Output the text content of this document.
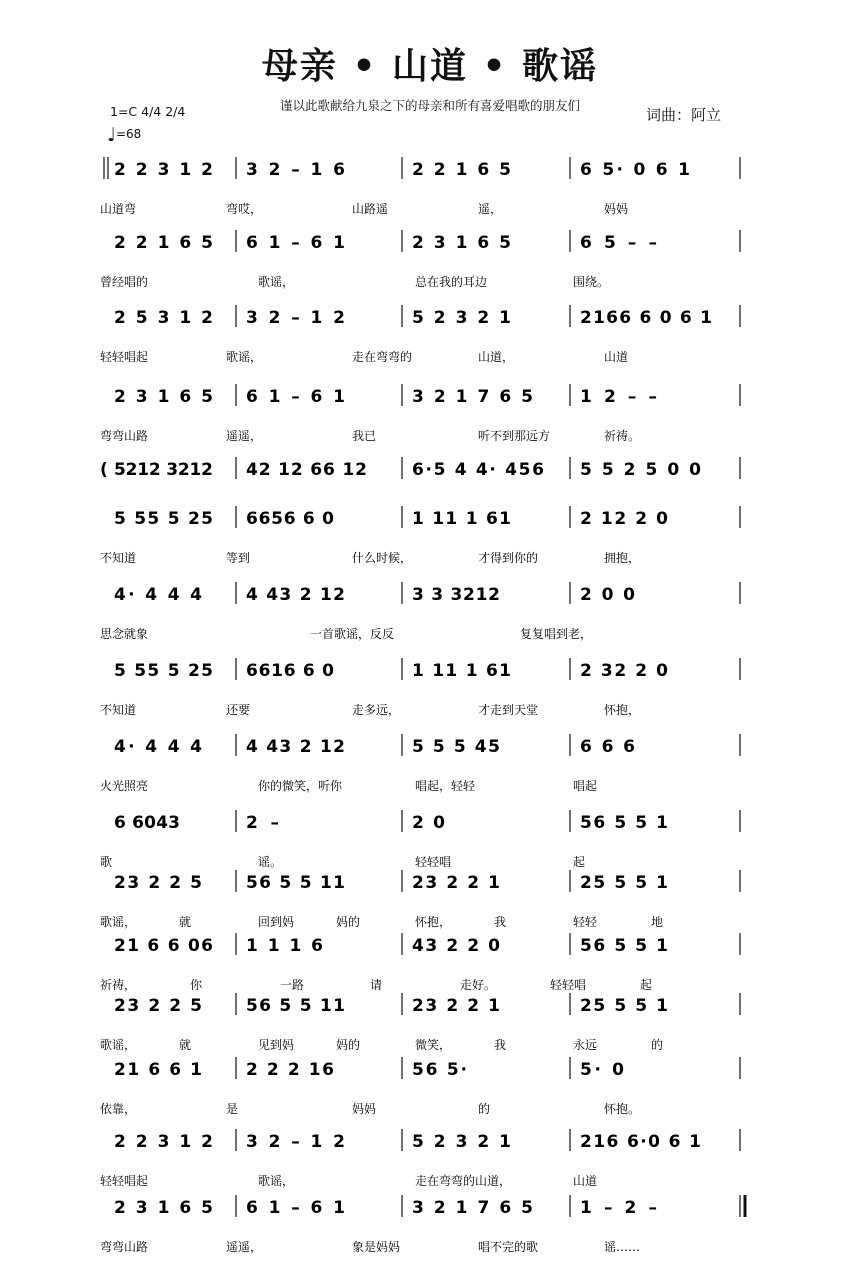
母亲 • 山道 • 歌谣
谨以此歌献给九泉之下的母亲和所有喜爱唱歌的朋友们
词曲：阿立
1=C 4/4 2/4
♩=68
2 2 3 1 2 3 2 – 1 6	2 2 1 6 5	6 5· 0 6 1
山道弯	弯哎，	山路遥	遥，	妈妈
2 2 1 6 5 6 1 – 6 1	2 3 1 6 5	6 5 – –
曾经唱的	歌谣，	总在我的耳边	围绕。
2 5 3 1 2 3 2 – 1 2	5 2 3 2 1	2166 6 0 6 1
轻轻唱起	歌谣，	走在弯弯的	山道，	山道
2 3 1 6 5 6 1 – 6 1	3 2 1 7 6 5	1 2 – –
弯弯山路	遥遥，	我已	听不到那远方	祈祷。
( 5212 3212 42 12 66 12	6·5 4 4· 456 5 5 2 5 0 0
5 55 5 25 6656 6 0	1 11 1 61	2 12 2 0
不知道	等到	什么时候，	才得到你的	拥抱，
4· 4 4 4	4 43 2 12	3 3 3212	2 0 0
思念就象	一首歌谣，反反	复复唱到老，
5 55 5 25 6616 6 0	1 11 1 61	2 32 2 0
不知道	还要	走多远，	才走到天堂	怀抱，
4· 4 4 4	4 43 2 12	5 5 5 45	6 6 6
火光照亮	你的微笑，听你	唱起，轻轻	唱起
6 6043	2 –	2 0	56 5 5 1
歌	谣。	轻轻唱	起
23 2 2 5	56 5 5 11	23 2 2 1	25 5 5 1
歌谣，	就	回到妈	妈的	怀抱，	我	轻轻	地
21 6 6 06 1 1 1 6	43 2 2 0	56 5 5 1
祈祷，	你	一路	请	走好。	轻轻唱	起
23 2 2 5	56 5 5 11	23 2 2 1	25 5 5 1
歌谣，	就	见到妈	妈的	微笑，	我	永远	的
21 6 6 1	2 2 2 16	56 5·	5· 0
依靠，	是	妈妈	的	怀抱。
2 2 3 1 2 3 2 – 1 2	5 2 3 2 1	216 6·0 6 1
轻轻唱起	歌谣，	走在弯弯的山道，	山道
2 3 1 6 5 6 1 – 6 1	3 2 1 7 6 5	1 – 2 –
弯弯山路	遥遥，	象是妈妈	唱不完的歌	谣……
